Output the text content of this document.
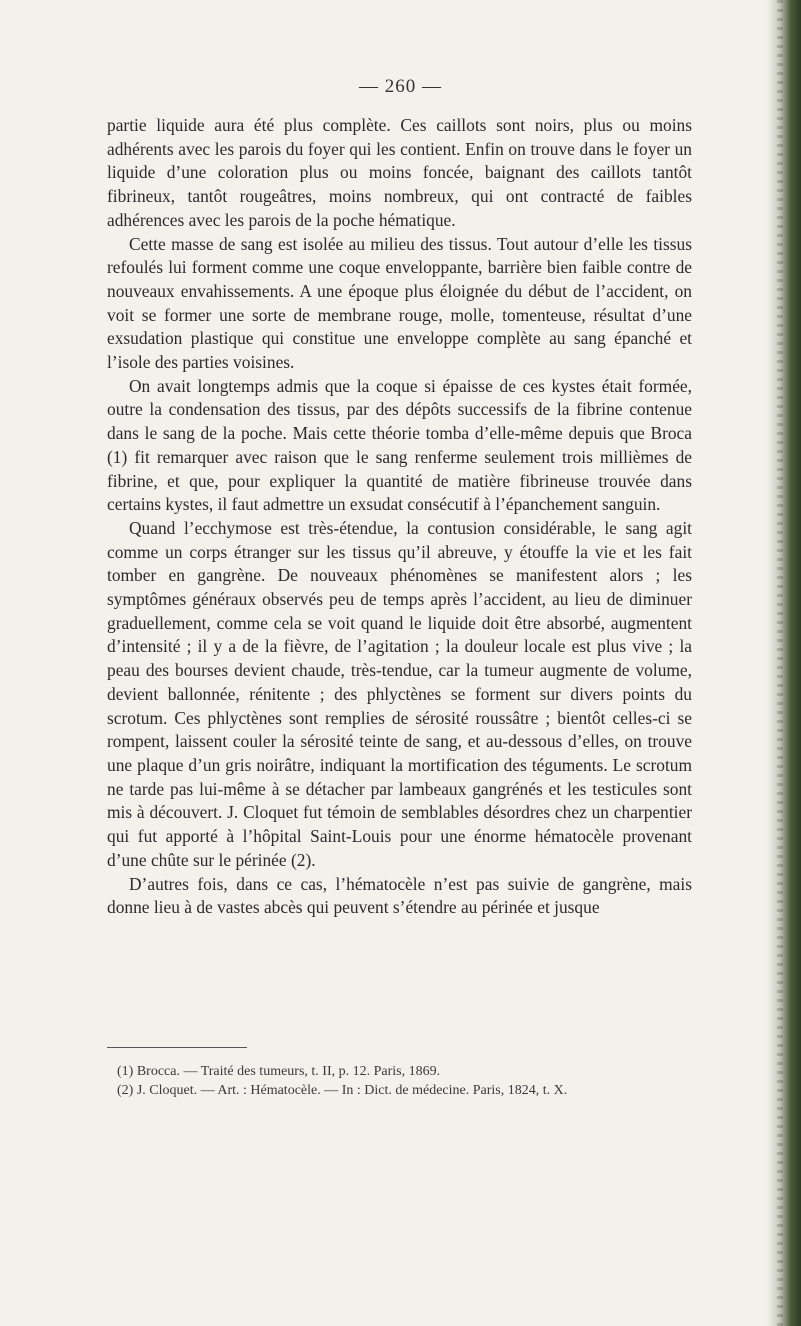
— 260 —

partie liquide aura été plus complète. Ces caillots sont noirs, plus ou moins adhérents avec les parois du foyer qui les contient. Enfin on trouve dans le foyer un liquide d’une coloration plus ou moins foncée, baignant des caillots tantôt fibrineux, tantôt rougeâtres, moins nombreux, qui ont contracté de faibles adhérences avec les parois de la poche hématique.

Cette masse de sang est isolée au milieu des tissus. Tout autour d’elle les tissus refoulés lui forment comme une coque enveloppante, barrière bien faible contre de nouveaux envahissements. A une époque plus éloignée du début de l’accident, on voit se former une sorte de membrane rouge, molle, tomenteuse, résultat d’une exsudation plastique qui constitue une enveloppe complète au sang épanché et l’isole des parties voisines.

On avait longtemps admis que la coque si épaisse de ces kystes était formée, outre la condensation des tissus, par des dépôts successifs de la fibrine contenue dans le sang de la poche. Mais cette théorie tomba d’elle-même depuis que Broca (1) fit remarquer avec raison que le sang renferme seulement trois millièmes de fibrine, et que, pour expliquer la quantité de matière fibrineuse trouvée dans certains kystes, il faut admettre un exsudat consécutif à l’épanchement sanguin.

Quand l’ecchymose est très-étendue, la contusion considérable, le sang agit comme un corps étranger sur les tissus qu’il abreuve, y étouffe la vie et les fait tomber en gangrène. De nouveaux phénomènes se manifestent alors ; les symptômes généraux observés peu de temps après l’accident, au lieu de diminuer graduellement, comme cela se voit quand le liquide doit être absorbé, augmentent d’intensité ; il y a de la fièvre, de l’agitation ; la douleur locale est plus vive ; la peau des bourses devient chaude, très-tendue, car la tumeur augmente de volume, devient ballonnée, rénitente ; des phlyctènes se forment sur divers points du scrotum. Ces phlyctènes sont remplies de sérosité roussâtre ; bientôt celles-ci se rompent, laissent couler la sérosité teinte de sang, et au-dessous d’elles, on trouve une plaque d’un gris noirâtre, indiquant la mortification des téguments. Le scrotum ne tarde pas lui-même à se détacher par lambeaux gangrénés et les testicules sont mis à découvert. J. Cloquet fut témoin de semblables désordres chez un charpentier qui fut apporté à l’hôpital Saint-Louis pour une énorme hématocèle provenant d’une chûte sur le périnée (2).

D’autres fois, dans ce cas, l’hématocèle n’est pas suivie de gangrène, mais donne lieu à de vastes abcès qui peuvent s’étendre au périnée et jusque

(1) Brocca. — Traité des tumeurs, t. II, p. 12. Paris, 1869.

(2) J. Cloquet. — Art. : Hématocèle. — In : Dict. de médecine. Paris, 1824, t. X.
